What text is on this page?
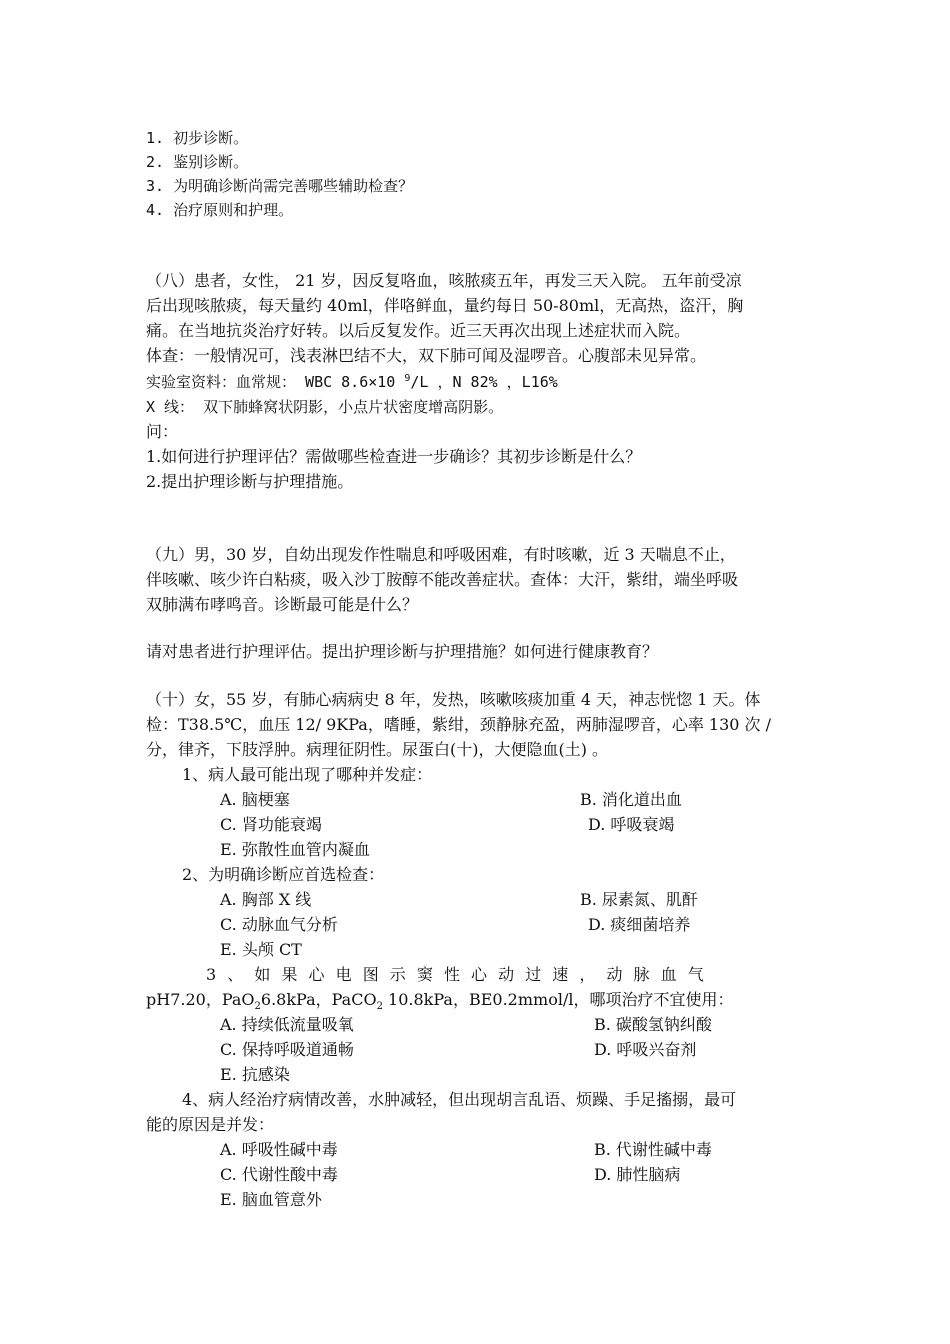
1. 初步诊断。
2. 鉴别诊断。
3. 为明确诊断尚需完善哪些辅助检查？
4. 治疗原则和护理。
（八）患者，女性， 21 岁，因反复咯血，咳脓痰五年，再发三天入院。 五年前受凉
后出现咳脓痰，每天量约 40ml，伴咯鲜血，量约每日 50-80ml，无高热，盗汗，胸
痛。在当地抗炎治疗好转。以后反复发作。近三天再次出现上述症状而入院。
体查：一般情况可，浅表淋巴结不大，双下肺可闻及湿啰音。心腹部未见异常。
实验室资料：血常规： WBC 8.6×10 $^9$/L ，N 82% ，L16%
X 线： 双下肺蜂窝状阴影，小点片状密度增高阴影。
问：
1.如何进行护理评估？需做哪些检查进一步确诊？其初步诊断是什么？
2.提出护理诊断与护理措施。
（九）男，30 岁，自幼出现发作性喘息和呼吸困难，有时咳嗽，近 3 天喘息不止，
伴咳嗽、咳少许白粘痰，吸入沙丁胺醇不能改善症状。查体：大汗，紫绀，端坐呼吸
双肺满布哮鸣音。诊断最可能是什么？
请对患者进行护理评估。提出护理诊断与护理措施？如何进行健康教育？
（十）女，55 岁，有肺心病病史 8 年，发热，咳嗽咳痰加重 4 天，神志恍惚 1 天。体
检：T38.5℃，血压 12/ 9KPa，嗜睡，紫绀，颈静脉充盈，两肺湿啰音，心率 130 次 /
分，律齐，下肢浮肿。病理征阴性。尿蛋白(十)，大便隐血(土) 。
1、病人最可能出现了哪种并发症：
A. 脑梗塞	B. 消化道出血
C. 肾功能衰竭	D. 呼吸衰竭
E. 弥散性血管内凝血
2、为明确诊断应首选检查：
A. 胸部 X 线	B. 尿素氮、肌酐
C. 动脉血气分析	D. 痰细菌培养
E. 头颅 CT
3 、 如 果 心 电 图 示 窦 性 心 动 过 速 ， 动 脉 血 气
pH7.20，PaO$_2$6.8kPa，PaCO$_2$ 10.8kPa，BE0.2mmol/l，哪项治疗不宜使用：
A. 持续低流量吸氧	B. 碳酸氢钠纠酸
C. 保持呼吸道通畅	D. 呼吸兴奋剂
E. 抗感染
4、病人经治疗病情改善，水肿减轻，但出现胡言乱语、烦躁、手足搐搦，最可
能的原因是并发：
A. 呼吸性碱中毒	B. 代谢性碱中毒
C. 代谢性酸中毒	D. 肺性脑病
E. 脑血管意外
